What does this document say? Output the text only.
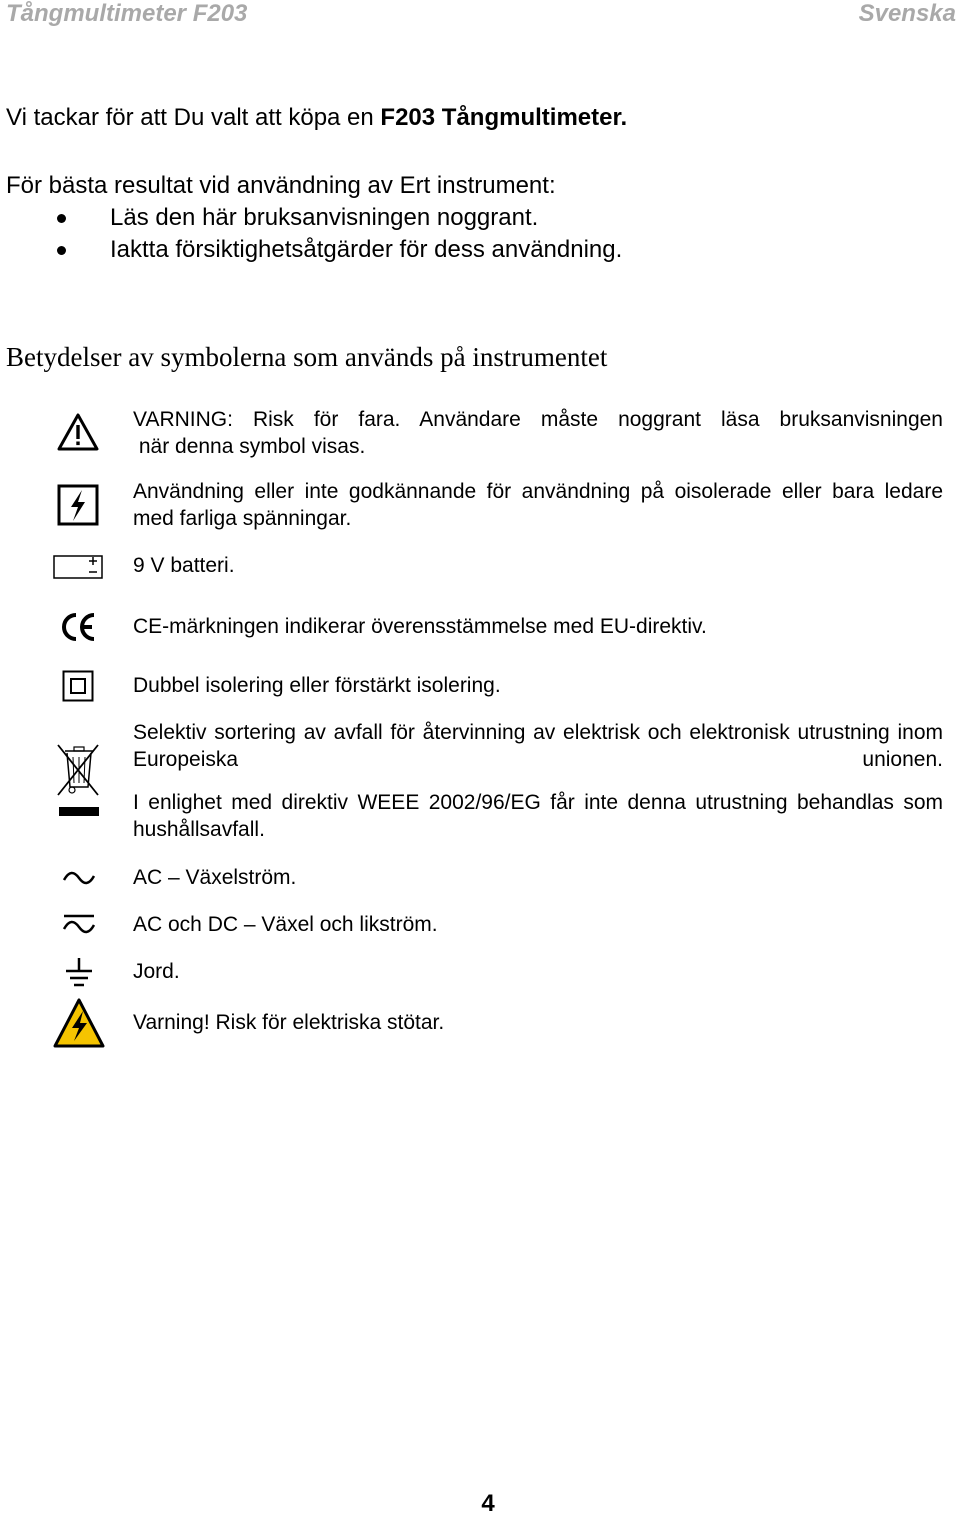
Tångmultimeter F203	Svenska
Vi tackar för att Du valt att köpa en F203 Tångmultimeter.
För bästa resultat vid användning av Ert instrument:
Läs den här bruksanvisningen noggrant.
Iaktta försiktighetsåtgärder för dess användning.
Betydelser av symbolerna som används på instrumentet
VARNING: Risk för fara. Användare måste noggrant läsa bruksanvisningen
när denna symbol visas.
Användning eller inte godkännande för användning på oisolerade eller bara ledare med farliga spänningar.
9 V batteri.
CE-märkningen indikerar överensstämmelse med EU-direktiv.
Dubbel isolering eller förstärkt isolering.
Selektiv sortering av avfall för återvinning av elektrisk och elektronisk utrustning inom Europeiska unionen.
I enlighet med direktiv WEEE 2002/96/EG får inte denna utrustning behandlas som hushållsavfall.
AC – Växelström.
AC och DC – Växel och likström.
Jord.
Varning! Risk för elektriska stötar.
4
